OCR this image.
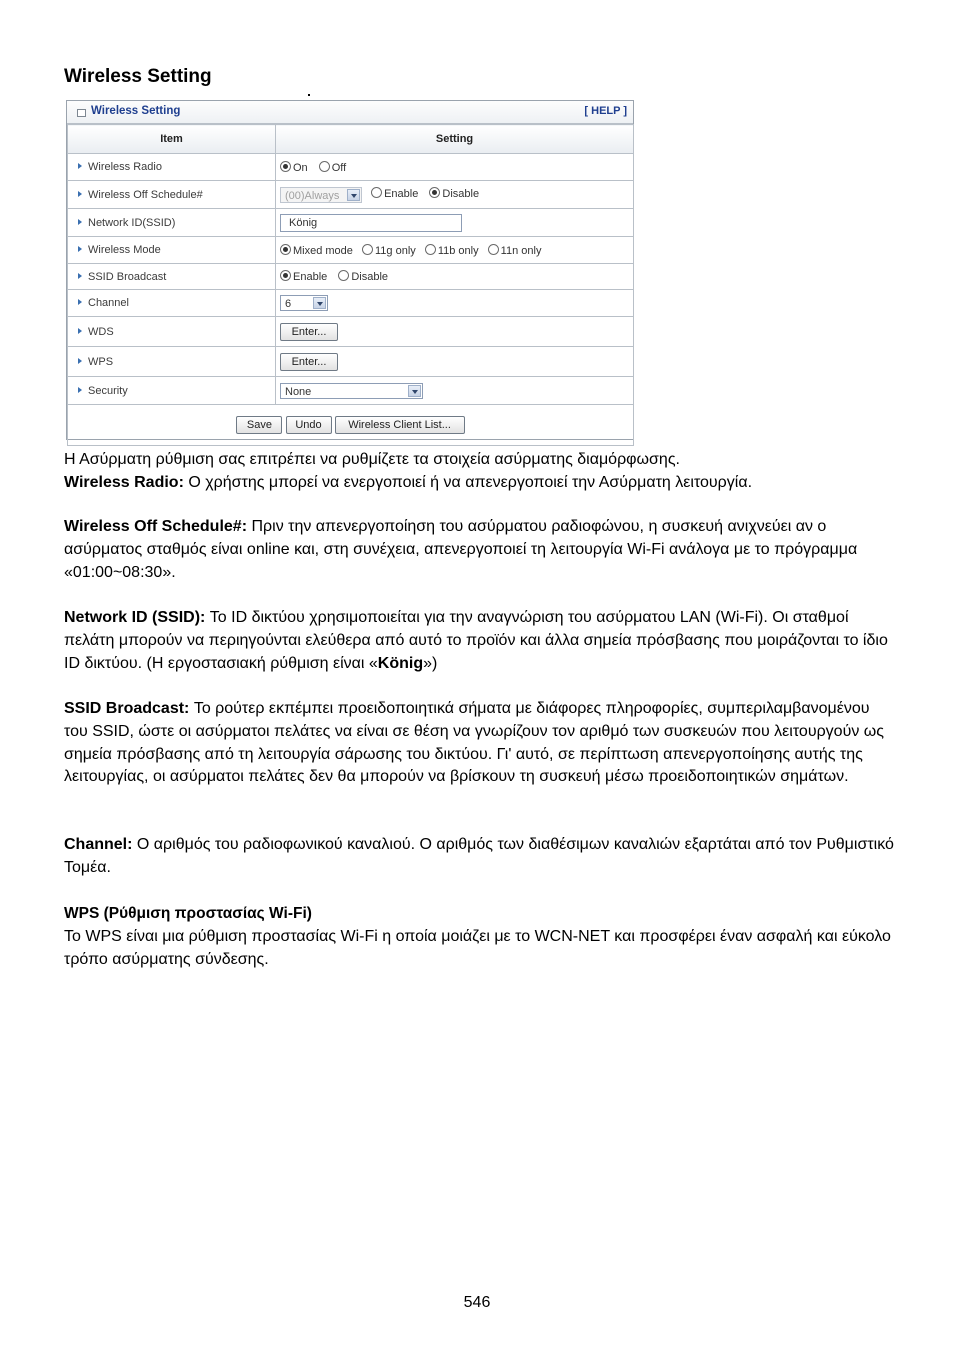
Wireless Setting
Wireless Setting	[ HELP ]
Item	Setting
Wireless Radio	On Off
Wireless Off Schedule#	(00)Always Enable Disable
Network ID(SSID)	König
Wireless Mode	Mixed mode 11g only 11b only 11n only
SSID Broadcast	Enable Disable
Channel	6

WDS	Enter...
WPS	Enter...
Security	None

Save Undo Wireless Client List...	

Η Ασύρματη ρύθμιση σας επιτρέπει να ρυθμίζετε τα στοιχεία ασύρματης διαμόρφωσης.

Wireless Radio: Ο χρήστης μπορεί να ενεργοποιεί ή να απενεργοποιεί την Ασύρματη λειτουργία.

Wireless Off Schedule#: Πριν την απενεργοποίηση του ασύρματου ραδιοφώνου, η συσκευή ανιχνεύει αν ο ασύρματος σταθμός είναι online και, στη συνέχεια, απενεργοποιεί τη λειτουργία Wi-Fi ανάλογα με το πρόγραμμα «01:00~08:30».

Network ID (SSID): Το ID δικτύου χρησιμοποιείται για την αναγνώριση του ασύρματου LAN (Wi-Fi). Οι σταθμοί πελάτη μπορούν να περιηγούνται ελεύθερα από αυτό το προϊόν και άλλα σημεία πρόσβασης που μοιράζονται το ίδιο ID δικτύου. (Η εργοστασιακή ρύθμιση είναι «König»)

SSID Broadcast: Το ρούτερ εκπέμπει προειδοποιητικά σήματα με διάφορες πληροφορίες, συμπεριλαμβανομένου του SSID, ώστε οι ασύρματοι πελάτες να είναι σε θέση να γνωρίζουν τον αριθμό των συσκευών που λειτουργούν ως σημεία πρόσβασης από τη λειτουργία σάρωσης του δικτύου. Γι' αυτό, σε περίπτωση απενεργοποίησης αυτής της λειτουργίας, οι ασύρματοι πελάτες δεν θα μπορούν να βρίσκουν τη συσκευή μέσω προειδοποιητικών σημάτων.

Channel: Ο αριθμός του ραδιοφωνικού καναλιού. Ο αριθμός των διαθέσιμων καναλιών εξαρτάται από τον Ρυθμιστικό Τομέα.

WPS (Ρύθμιση προστασίας Wi-Fi)

Το WPS είναι μια ρύθμιση προστασίας Wi-Fi η οποία μοιάζει με το WCN-NET και προσφέρει έναν ασφαλή και εύκολο τρόπο ασύρματης σύνδεσης.

546
